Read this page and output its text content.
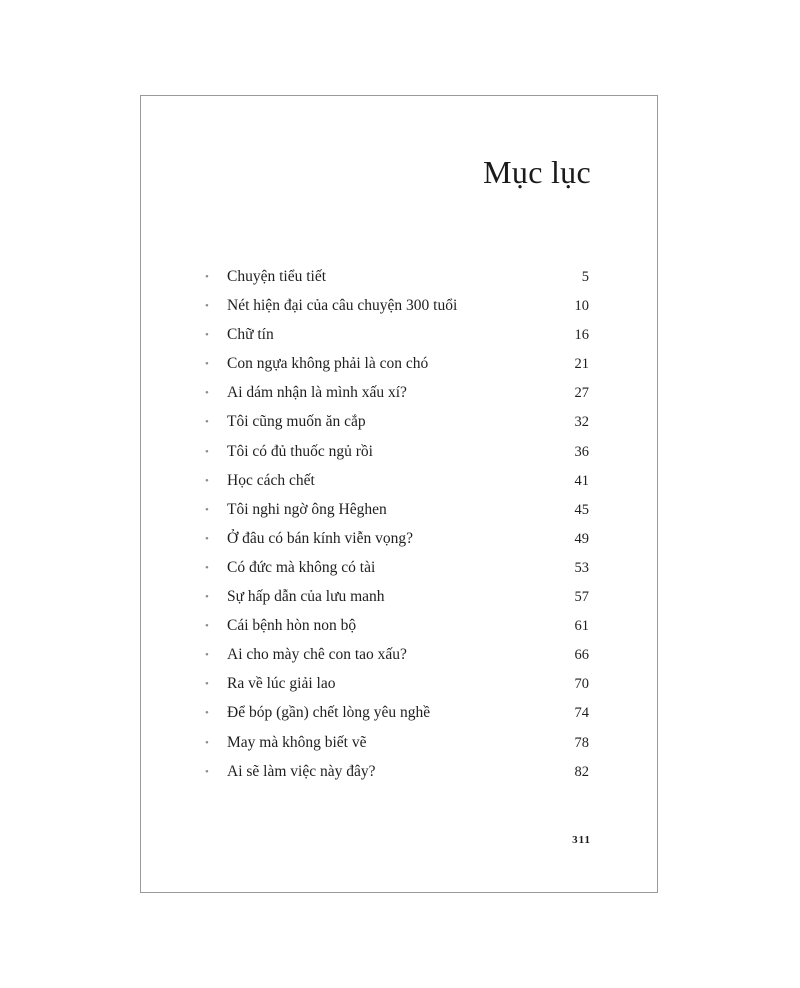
Mục lục
•	Chuyện tiểu tiết	5
•	Nét hiện đại của câu chuyện 300 tuổi	10
•	Chữ tín	16
•	Con ngựa không phải là con chó	21
•	Ai dám nhận là mình xấu xí?	27
•	Tôi cũng muốn ăn cắp	32
•	Tôi có đủ thuốc ngủ rồi	36
•	Học cách chết	41
•	Tôi nghi ngờ ông Hêghen	45
•	Ở đâu có bán kính viễn vọng?	49
•	Có đức mà không có tài	53
•	Sự hấp dẫn của lưu manh	57
•	Cái bệnh hòn non bộ	61
•	Ai cho mày chê con tao xấu?	66
•	Ra về lúc giải lao	70
•	Để bóp (gần) chết lòng yêu nghề	74
•	May mà không biết vẽ	78
•	Ai sẽ làm việc này đây?	82
311
